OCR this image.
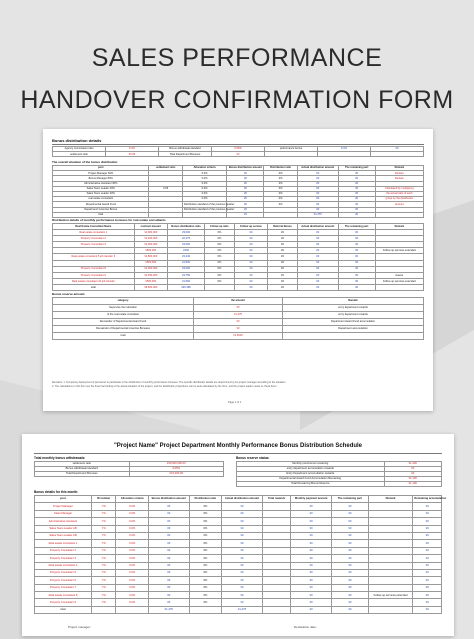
SALES PERFORMANCE
HANDOVER CONFIRMATION FORM
Bonus distribution details
Agency commission ratio	0.3%	Bonus withdrawal standard	0.05%	performance bonus	0.1%	¥3
settlement ratio	¥0.05	Total Department Bonuses	¥3			
The overall situation of the bonus distribution
post	settlement ratio	Allocation criteria	Bonus distribution amount	Distribution ratio	Actual distribution amount	The remaining part	Remark
Project Manager 60%		0.0%	¥0	0%	¥0	¥0	Declare
Bonus Manager 80%		0.0%	¥0	0%	¥0	¥0	Declare
Administrative Assistant 40%		0.0%	¥0	0%	¥0	¥0	
Sales Team Leader 40%	0.05	0.0%	¥0	0%	¥0	¥0	Calculated by multiplying
Sales Team Leader 40%		0.0%	¥0	0%	¥0	¥0	the actual ratio of each
real estate consultant		0.0%	¥0	0%	¥0	¥0	group by the distribution
Departmental Award Fund		Distribution standard of the previous quarter	¥0	0%	¥0	¥0	amount
Department Incentive Bonus		Distribution standard of the previous quarter	¥0		¥0	¥0	
total			¥3		¥1.475	¥0	
Distribution details of monthly performance bonuses for real estate consultants
Real Estate Consultant Name	contract amount	Bonus distribution ratio	Follow up ratio	Follow up service	Referral Bonus	Actual distribution amount	The remaining part	Remark
Real estate consultant 1	¥1,000,000	¥3,000	0%	¥0	¥0	¥0	¥0	
Property Consultant 2	¥1,200,000	¥2,175	0%	¥0	¥0	¥0	¥0	
Property Consultant 3	¥1,000,000	¥3,000	0%	¥0	¥0	¥0	¥0	
	¥800,000	¥240	0%	¥0	¥0	¥0	¥0	Follow up services extended
Real estate consultant 5 job transfer 6	¥1,800,000	¥4,240	0%	¥0	¥0	¥0	¥0	
	¥500,000	¥1,500	0%	¥0	¥0	¥0	¥0	
Property Consultant 8	¥1,000,000	¥3,000	0%	¥0	¥0	¥0	¥0	
Property Consultant 9	¥1,250,000	¥3,750	0%	¥0	¥0	¥0	¥0	leaves
Real estate consultant 10 job transfer	¥500,000	¥1,500	0%	¥0	¥0	¥0	¥0	Follow up services extended
total	¥9,500,000	¥26,480		¥0	¥0	¥0	¥0	
Bonus reserve amount
category	the amount	Remark
Supervise the relocation	¥0	entry department rewards
of the real estate consultant	¥1,475	entry department rewards
Remainder of Departmental Award Fund	¥0	Department Award Fund accumulation
Remainder of Departmental Incentive Bonuses	¥0	Department accumulation
total	¥1,6016	
Remarks: 1. Temporary deployment of personnel to participate in the distribution of monthly performance bonuses. The specific distribution details are determined by the project manager according to the situation.
2. The calculations in this form are the final if according to the actual situation of the project, and the distribution proportions can be auto-calculated by the form, and the project leader needs to check them.
Page 1 of 1
"Project Name" Project Department Monthly Performance Bonus Distribution Schedule
Total monthly bonus withdrawals:	Bonus reserve status:
settlement ratio	¥30,000,000.00
Bonus withdrawal standard	0.05%
Total Department Bonuses	¥15,000.00
Monthly post-bonus remaining	¥1,400
entry department accumulation rewards	¥0
Entry Department accumulation rewards	¥0
Departmental Award Fund Accumulation Remaining	¥1,100
Total Remaining Bonus Reserve	¥1,100
Bonus details for this month:
post	ID number	Allocation criteria	Bonus distribution amount	Distribution ratio	Actual distribution amount	Total rewards	Monthly payment amount	The remaining part	Remark	Remaining accumulation
Project Manager	Y%	0.0%	¥0	0%	¥0		¥0	¥0		¥0
Sales Manager	Y%	0.0%	¥0	0%	¥0		¥0	¥0		¥0
Administrative Assistant	Y%	0.0%	¥0	0%	¥0		¥0	¥0		¥0
Sales Team Leader AB	Y%	0.0%	¥0	0%	¥0		¥0	¥0		¥0
Sales Team Leader AB	Y%	0.0%	¥0	0%	¥0		¥0	¥0		¥0
Real estate consultant 1	Y%	0.0%	¥0	0%	¥0		¥0	¥0		¥0
Property Consultant 2	Y%	0.0%	¥0	0%	¥0		¥0	¥0		¥0
Property Consultant 3	Y%	0.0%	¥0	0%	¥0		¥0	¥0		¥0
Real estate consultant 4	Y%	0.0%	¥0	0%	¥0		¥0	¥0		¥0
Property Consultant 5	Y%	0.0%	¥0	0%	¥0		¥0	¥0		¥0
Property Consultant 6	Y%	0.0%	¥0	0%	¥0		¥0	¥0		¥0
Property Consultant 7	Y%	0.0%	¥0	0%	¥0		¥0	¥0		¥0
Real estate consultant 8	Y%	0.0%	¥0	0%	¥0		¥0	¥0	Follow up services extended	¥0
Property Consultant 9	Y%	0.0%	¥0	0%	¥0		¥0	¥0		¥0
total			¥1,475		¥1,475		¥0	¥0		¥0
Project manager:	Declaration date:
